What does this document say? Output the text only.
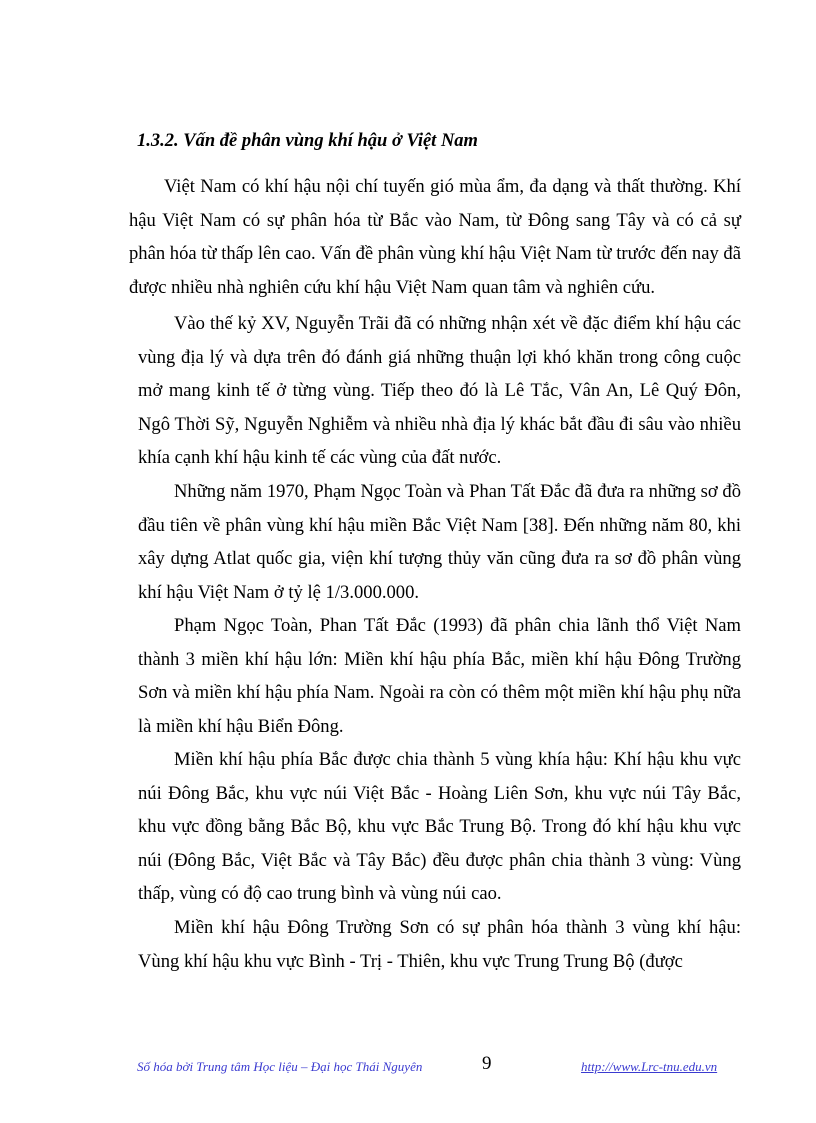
1.3.2. Vấn đề phân vùng khí hậu ở Việt Nam

Việt Nam có khí hậu nội chí tuyến gió mùa ẩm, đa dạng và thất thường. Khí hậu Việt Nam có sự phân hóa từ Bắc vào Nam, từ Đông sang Tây và có cả sự phân hóa từ thấp lên cao. Vấn đề phân vùng khí hậu Việt Nam từ trước đến nay đã được nhiều nhà nghiên cứu khí hậu Việt Nam quan tâm và nghiên cứu.

Vào thế kỷ XV, Nguyễn Trãi đã có những nhận xét về đặc điểm khí hậu các vùng địa lý và dựa trên đó đánh giá những thuận lợi khó khăn trong công cuộc mở mang kinh tế ở từng vùng. Tiếp theo đó là Lê Tắc, Vân An, Lê Quý Đôn, Ngô Thời Sỹ, Nguyễn Nghiễm và nhiều nhà địa lý khác bắt đầu đi sâu vào nhiều khía cạnh khí hậu kinh tế các vùng của đất nước.

Những năm 1970, Phạm Ngọc Toàn và Phan Tất Đắc đã đưa ra những sơ đồ đầu tiên về phân vùng khí hậu miền Bắc Việt Nam [38]. Đến những năm 80, khi xây dựng Atlat quốc gia, viện khí tượng thủy văn cũng đưa ra sơ đồ phân vùng khí hậu Việt Nam ở tỷ lệ 1/3.000.000.

Phạm Ngọc Toàn, Phan Tất Đắc (1993) đã phân chia lãnh thổ Việt Nam thành 3 miền khí hậu lớn: Miền khí hậu phía Bắc, miền khí hậu Đông Trường Sơn và miền khí hậu phía Nam. Ngoài ra còn có thêm một miền khí hậu phụ nữa là miền khí hậu Biển Đông.

Miền khí hậu phía Bắc được chia thành 5 vùng khía hậu: Khí hậu khu vực núi Đông Bắc, khu vực núi Việt Bắc - Hoàng Liên Sơn, khu vực núi Tây Bắc, khu vực đồng bằng Bắc Bộ, khu vực Bắc Trung Bộ. Trong đó khí hậu khu vực núi (Đông Bắc, Việt Bắc và Tây Bắc) đều được phân chia thành 3 vùng: Vùng thấp, vùng có độ cao trung bình và vùng núi cao.

Miền khí hậu Đông Trường Sơn có sự phân hóa thành 3 vùng khí hậu: Vùng khí hậu khu vực Bình - Trị - Thiên, khu vực Trung Trung Bộ (được

Số hóa bởi Trung tâm Học liệu – Đại học Thái Nguyên	9	http://www.Lrc-tnu.edu.vn
